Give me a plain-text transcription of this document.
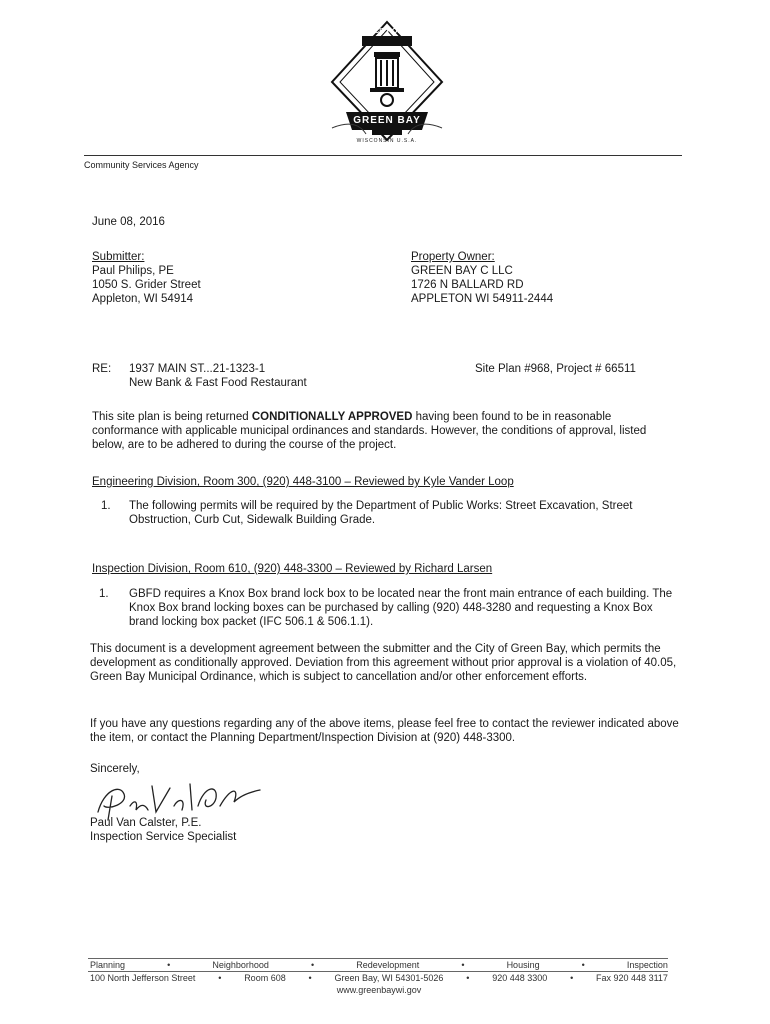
CITY OF
GREEN BAY
WISCONSIN U.S.A.
Community Services Agency
June 08, 2016
Submitter:
Paul Philips, PE
1050 S. Grider Street
Appleton, WI 54914
Property Owner:
GREEN BAY C LLC
1726 N BALLARD RD
APPLETON WI 54911-2444
RE: 1937 MAIN ST...21-1323-1
New Bank & Fast Food Restaurant
Site Plan #968, Project # 66511

This site plan is being returned CONDITIONALLY APPROVED having been found to be in reasonable conformance with applicable municipal ordinances and standards. However, the conditions of approval, listed below, are to be adhered to during the course of the project.

Engineering Division, Room 300, (920) 448-3100 – Reviewed by Kyle Vander Loop
1. The following permits will be required by the Department of Public Works: Street Excavation, Street Obstruction, Curb Cut, Sidewalk Building Grade.

Inspection Division, Room 610, (920) 448-3300 – Reviewed by Richard Larsen
1. GBFD requires a Knox Box brand lock box to be located near the front main entrance of each building. The Knox Box brand locking boxes can be purchased by calling (920) 448-3280 and requesting a Knox Box brand locking box packet (IFC 506.1 & 506.1.1).

This document is a development agreement between the submitter and the City of Green Bay, which permits the development as conditionally approved. Deviation from this agreement without prior approval is a violation of 40.05, Green Bay Municipal Ordinance, which is subject to cancellation and/or other enforcement efforts.

If you have any questions regarding any of the above items, please feel free to contact the reviewer indicated above the item, or contact the Planning Department/Inspection Division at (920) 448-3300.

Sincerely,
Paul Van Calster, P.E.
Inspection Service Specialist
Planning	•	Neighborhood	•	Redevelopment	•	Housing	•	Inspection
100 North Jefferson Street	•	Room 608	•	Green Bay, WI 54301-5026	•	920 448 3300	•	Fax 920 448 3117
www.greenbaywi.gov
